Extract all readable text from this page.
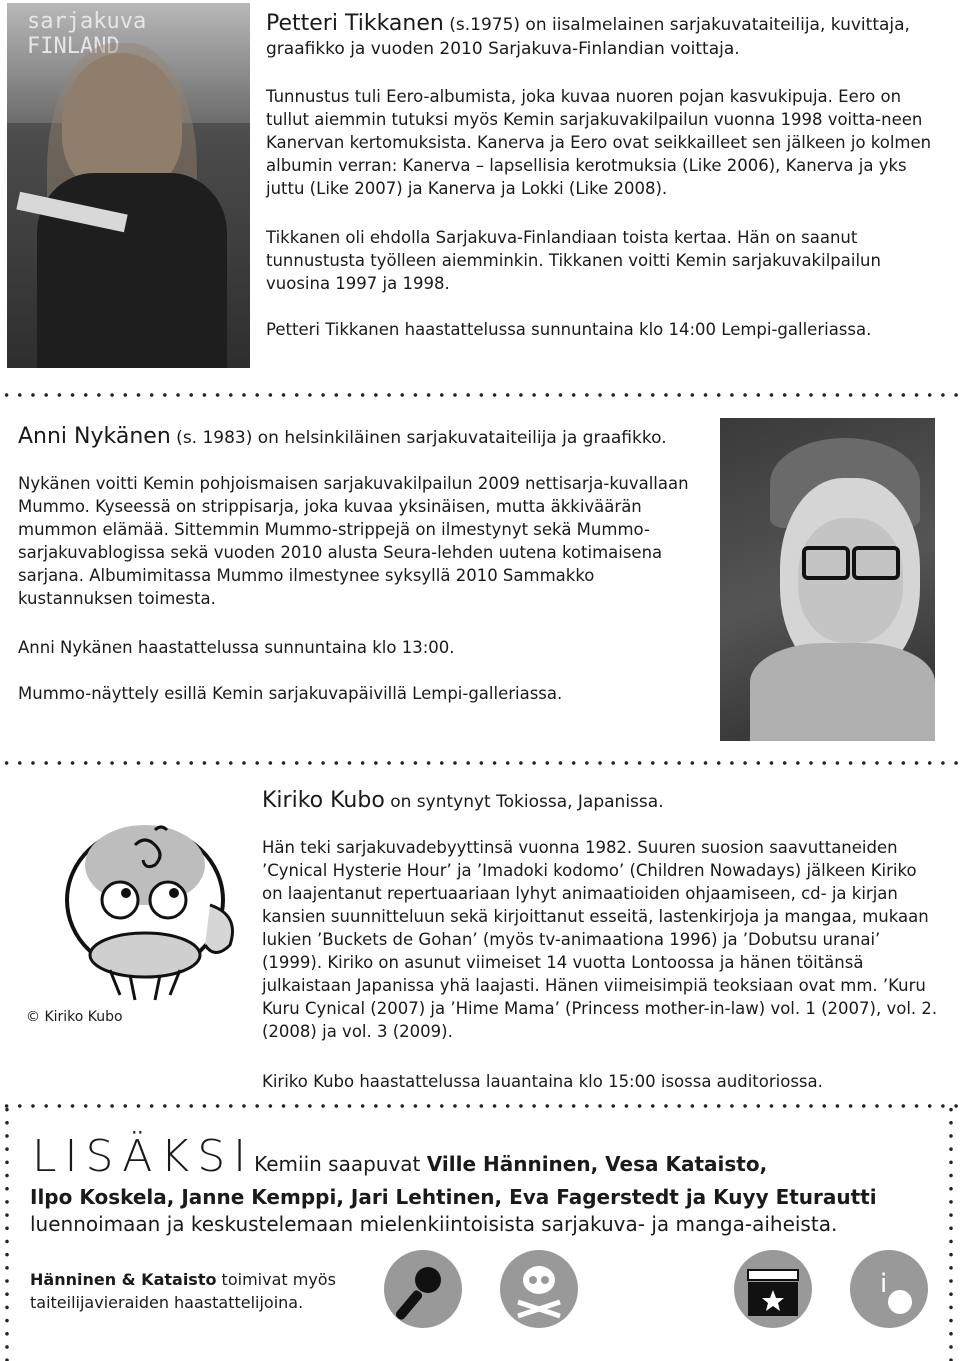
sarjakuva FINLAND

Petteri Tikkanen (s.1975) on iisalmelainen sarjakuvataiteilija, kuvittaja, graafikko ja vuoden 2010 Sarjakuva-Finlandian voittaja.

Tunnustus tuli Eero-albumista, joka kuvaa nuoren pojan kasvukipuja. Eero on tullut aiemmin tutuksi myös Kemin sarjakuvakilpailun vuonna 1998 voitta-neen Kanervan kertomuksista. Kanerva ja Eero ovat seikkailleet sen jälkeen jo kolmen albumin verran: Kanerva – lapsellisia kerotmuksia (Like 2006), Kanerva ja yks juttu (Like 2007) ja Kanerva ja Lokki (Like 2008).

Tikkanen oli ehdolla Sarjakuva-Finlandiaan toista kertaa. Hän on saanut tunnustusta työlleen aiemminkin. Tikkanen voitti Kemin sarjakuvakilpailun vuosina 1997 ja 1998.

Petteri Tikkanen haastattelussa sunnuntaina klo 14:00 Lempi-galleriassa.

Anni Nykänen (s. 1983) on helsinkiläinen sarjakuvataiteilija ja graafikko.

Nykänen voitti Kemin pohjoismaisen sarjakuvakilpailun 2009 nettisarja-kuvallaan Mummo. Kyseessä on strippisarja, joka kuvaa yksinäisen, mutta äkkiväärän mummon elämää. Sittemmin Mummo-strippejä on ilmestynyt sekä Mummo-sarjakuvablogissa sekä vuoden 2010 alusta Seura-lehden uutena kotimaisena sarjana. Albumimitassa Mummo ilmestynee syksyllä 2010 Sammakko kustannuksen toimesta.

Anni Nykänen haastattelussa sunnuntaina klo 13:00.

Mummo-näyttely esillä Kemin sarjakuvapäivillä Lempi-galleriassa.

Kiriko Kubo on syntynyt Tokiossa, Japanissa.

Hän teki sarjakuvadebyyttinsä vuonna 1982. Suuren suosion saavuttaneiden ’Cynical Hysterie Hour’ ja ’Imadoki kodomo’ (Children Nowadays) jälkeen Kiriko on laajentanut repertuaariaan lyhyt animaatioiden ohjaamiseen, cd- ja kirjan kansien suunnitteluun sekä kirjoittanut esseitä, lastenkirjoja ja mangaa, mukaan lukien ’Buckets de Gohan’ (myös tv-animaationa 1996) ja ’Dobutsu uranai’ (1999). Kiriko on asunut viimeiset 14 vuotta Lontoossa ja hänen töitänsä julkaistaan Japanissa yhä laajasti. Hänen viimeisimpiä teoksiaan ovat mm. ’Kuru Kuru Cynical (2007) ja ’Hime Mama’ (Princess mother-in-law) vol. 1 (2007), vol. 2.(2008) ja vol. 3 (2009).

Kiriko Kubo haastattelussa lauantaina klo 15:00 isossa auditoriossa.

© Kiriko Kubo
LISÄKSIKemiin saapuvat Ville Hänninen, Vesa Kataisto,
Ilpo Koskela, Janne Kemppi, Jari Lehtinen, Eva Fagerstedt ja Kuyy Eturautti
luennoimaan ja keskustelemaan mielenkiintoisista sarjakuva- ja manga-aiheista.

Hänninen & Kataisto toimivat myös taiteilijavieraiden haastattelijoina.

i
